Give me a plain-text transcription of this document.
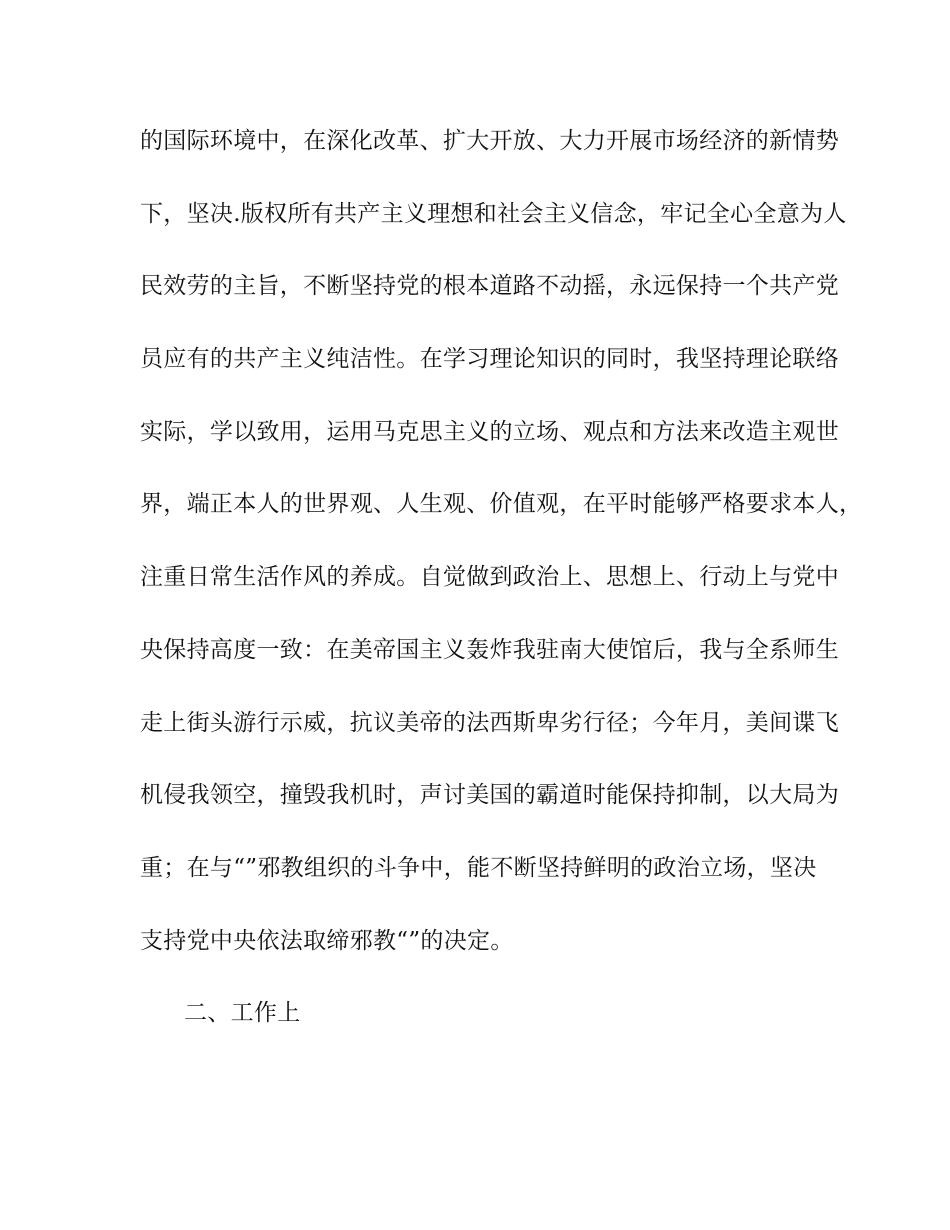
的国际环境中，在深化改革、扩大开放、大力开展市场经济的新情势
下，坚决.版权所有共产主义理想和社会主义信念，牢记全心全意为人
民效劳的主旨，不断坚持党的根本道路不动摇，永远保持一个共产党
员应有的共产主义纯洁性。在学习理论知识的同时，我坚持理论联络
实际，学以致用，运用马克思主义的立场、观点和方法来改造主观世
界，端正本人的世界观、人生观、价值观，在平时能够严格要求本人，
注重日常生活作风的养成。自觉做到政治上、思想上、行动上与党中
央保持高度一致：在美帝国主义轰炸我驻南大使馆后，我与全系师生
走上街头游行示威，抗议美帝的法西斯卑劣行径；今年月，美间谍飞
机侵我领空，撞毁我机时，声讨美国的霸道时能保持抑制，以大局为
重；在与“”邪教组织的斗争中，能不断坚持鲜明的政治立场，坚决
支持党中央依法取缔邪教“”的决定。
二、工作上
